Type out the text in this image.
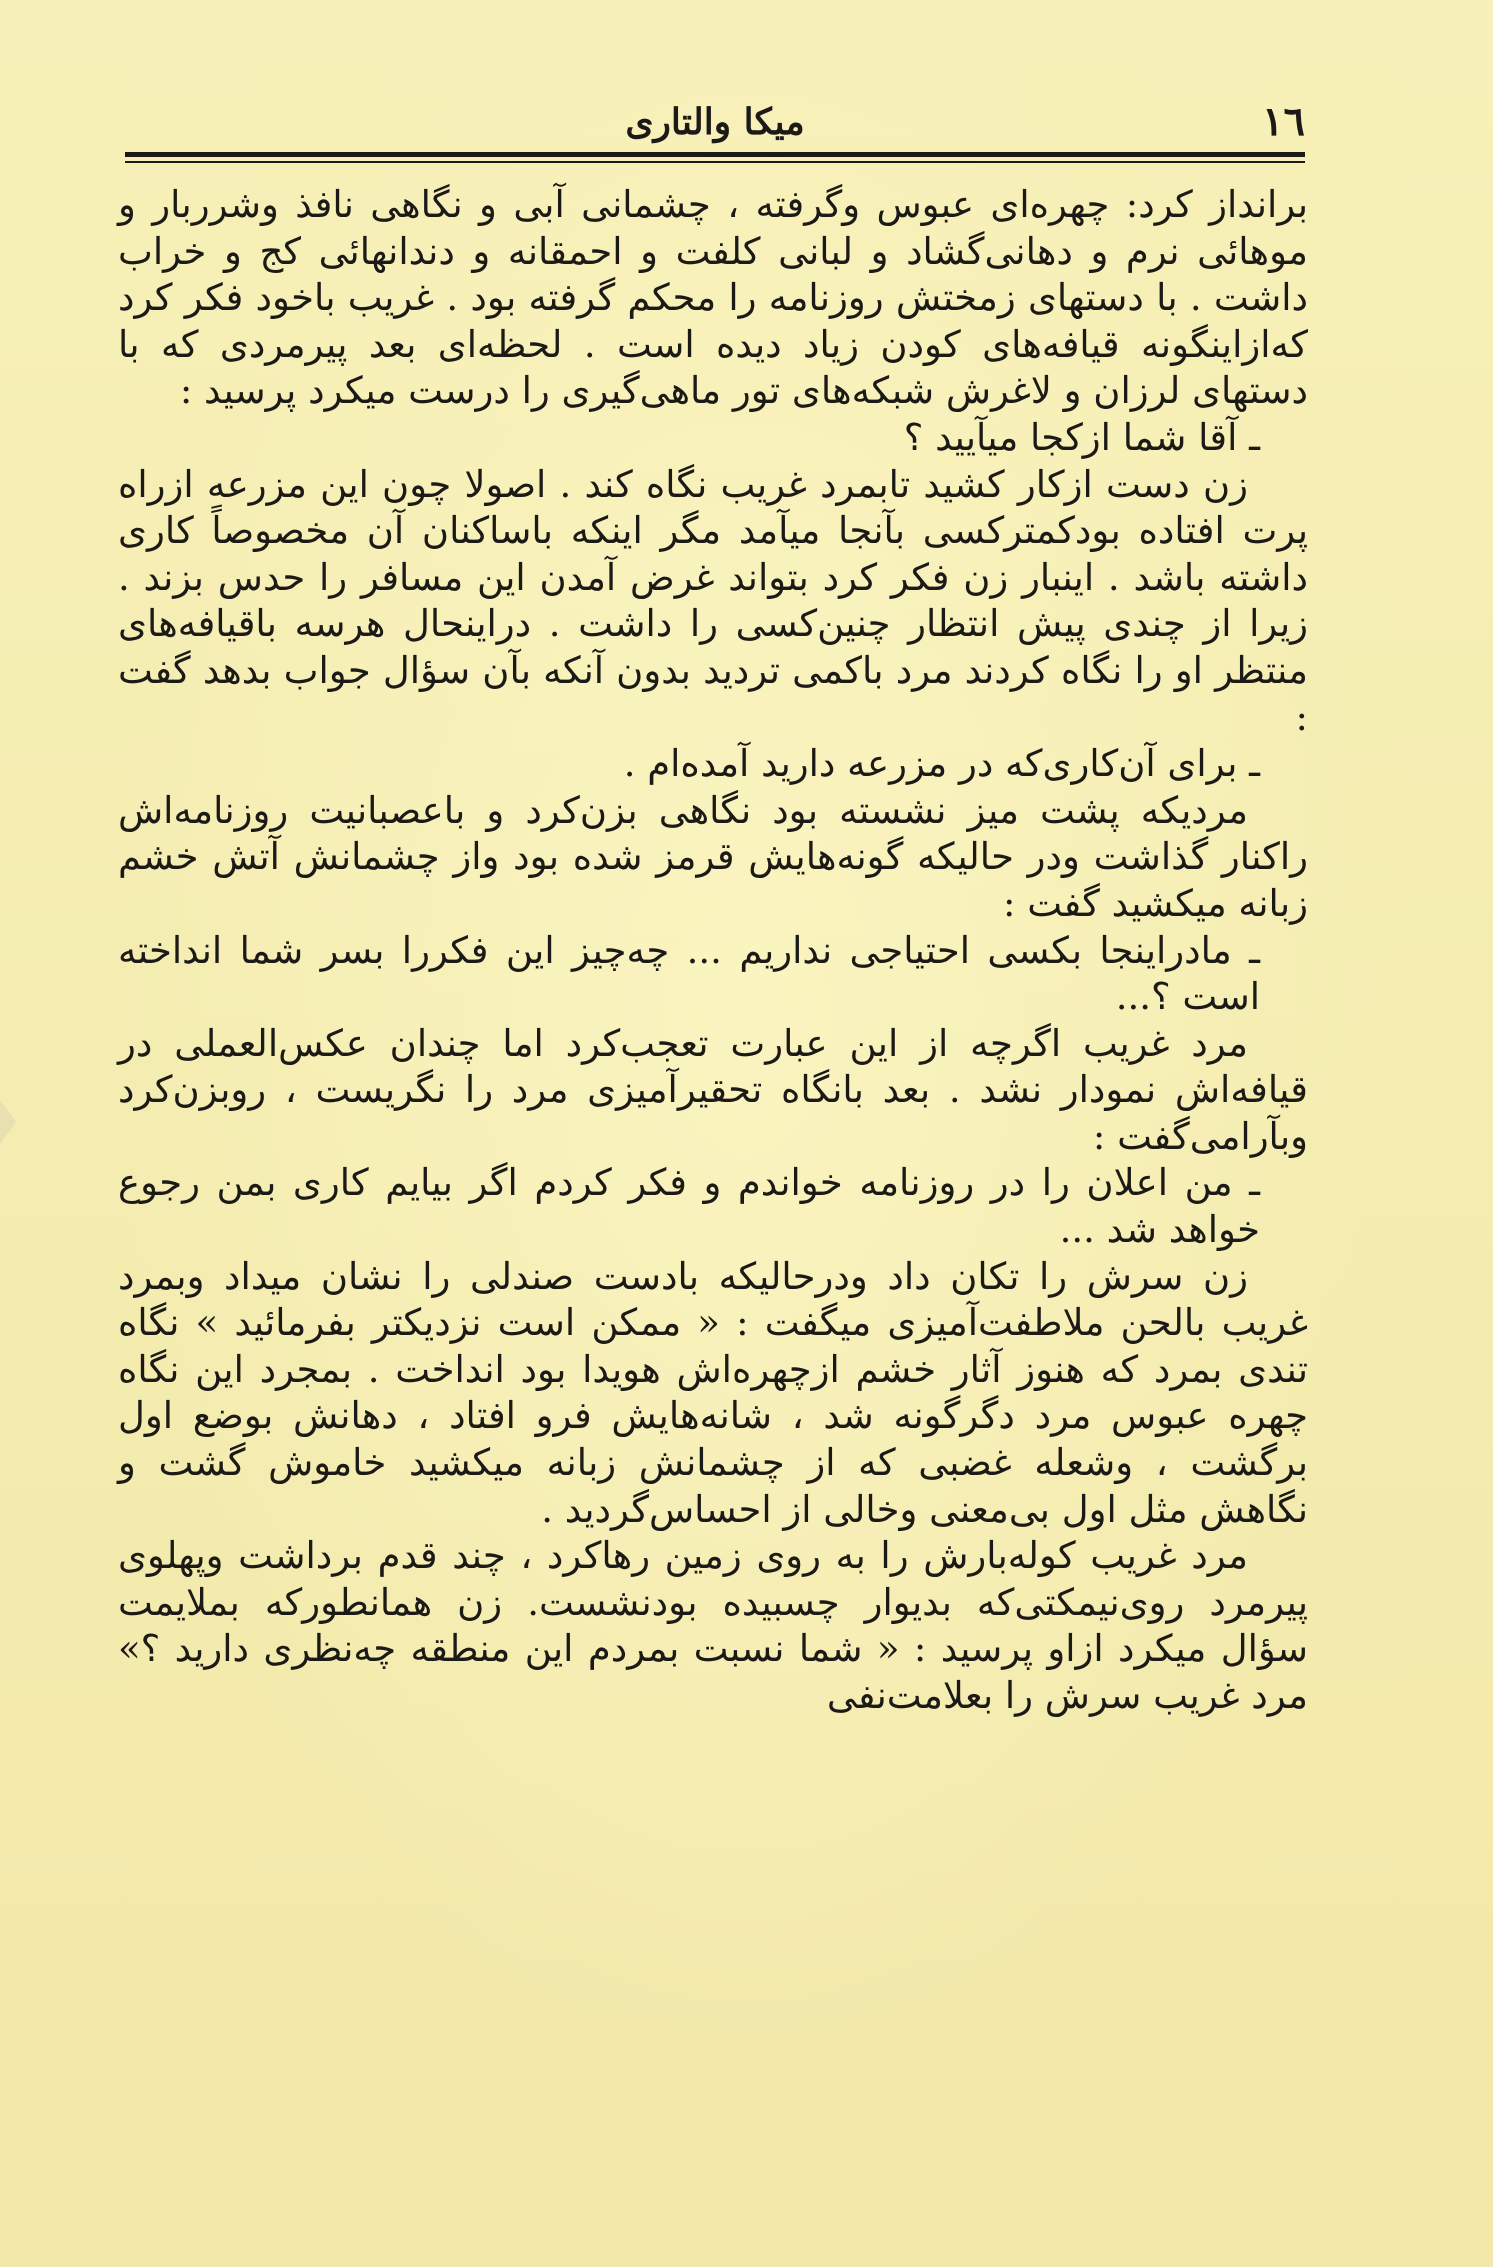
١٦
میکا والتاری

برانداز کرد: چهره‌ای عبوس وگرفته ، چشمانی آبی و نگاهی نافذ وشرربار و موهائی نرم و دهانی‌گشاد و لبانی کلفت و احمقانه و دندانهائی کج و خراب داشت . با دستهای زمختش روزنامه را محکم گرفته بود . غریب باخود فکر کرد که‌ازاینگونه قیافه‌های کودن زیاد دیده است . لحظه‌ای بعد پیرمردی که با دستهای لرزان و لاغرش شبکه‌های تور ماهی‌گیری را درست میکرد پرسید :

ـ آقا شما ازکجا میآیید ؟

زن دست ازکار کشید تابمرد غریب نگاه کند . اصولا چون این مزرعه ازراه پرت افتاده بودکمترکسی بآنجا میآمد مگر اینکه باساکنان آن مخصوصاً کاری داشته باشد . اینبار زن فکر کرد بتواند غرض آمدن این مسافر را حدس بزند . زیرا از چندی پیش انتظار چنین‌کسی را داشت . دراینحال هرسه باقیافه‌های منتظر او را نگاه کردند مرد باکمی تردید بدون آنکه بآن سؤال جواب بدهد گفت :

ـ برای آن‌کاری‌که در مزرعه دارید آمده‌ام .

مردیکه پشت میز نشسته بود نگاهی بزن‌کرد و باعصبانیت روزنامه‌اش راکنار گذاشت ودر حالیکه گونه‌هایش قرمز شده بود واز چشمانش آتش خشم زبانه میکشید گفت :

ـ مادراینجا بکسی احتیاجی نداریم ... چه‌چیز این فکررا بسر شما انداخته است ؟...

مرد غریب اگرچه از این عبارت تعجب‌کرد اما چندان عکس‌العملی در قیافه‌اش نمودار نشد . بعد بانگاه تحقیرآمیزی مرد را نگریست ، روبزن‌کرد وبآرامی‌گفت :

ـ من اعلان را در روزنامه خواندم و فکر کردم اگر بیایم کاری بمن رجوع خواهد شد ...

زن سرش را تکان داد ودرحالیکه بادست صندلی را نشان میداد وبمرد غریب بالحن ملاطفت‌آمیزی میگفت : « ممکن است نزدیکتر بفرمائید » نگاه تندی بمرد که هنوز آثار خشم ازچهره‌اش هویدا بود انداخت . بمجرد این نگاه چهره عبوس مرد دگرگونه شد ، شانه‌هایش فرو افتاد ، دهانش بوضع اول برگشت ، وشعله غضبی که از چشمانش زبانه میکشید خاموش گشت و نگاهش مثل اول بی‌معنی وخالی از احساس‌گردید .

مرد غریب کوله‌بارش را به روی زمین رهاکرد ، چند قدم برداشت وپهلوی پیرمرد روی‌نیمکتی‌که بدیوار چسبیده بودنشست. زن همانطورکه بملایمت سؤال میکرد ازاو پرسید : « شما نسبت بمردم این منطقه چه‌نظری دارید ؟» مرد غریب سرش را بعلامت‌نفی
